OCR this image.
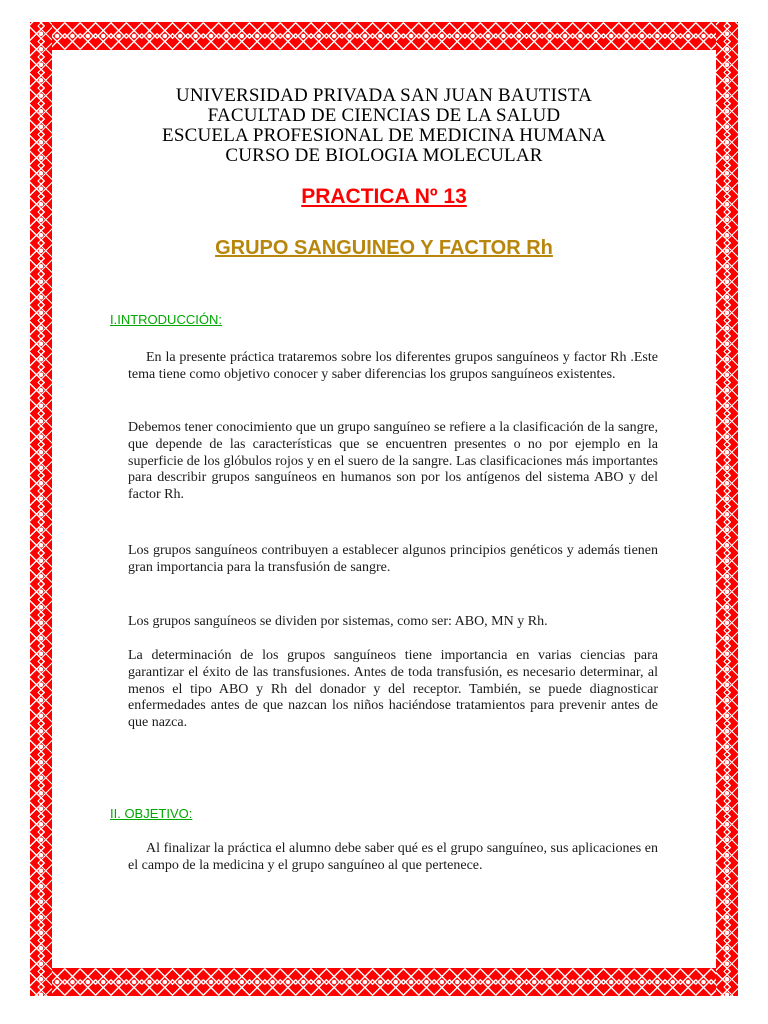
UNIVERSIDAD PRIVADA SAN JUAN BAUTISTA
FACULTAD DE CIENCIAS DE LA SALUD
ESCUELA PROFESIONAL DE MEDICINA HUMANA
CURSO DE BIOLOGIA MOLECULAR
PRACTICA Nº 13
GRUPO SANGUINEO Y FACTOR Rh
I.INTRODUCCIÓN:
En la presente práctica trataremos sobre los diferentes grupos sanguíneos y factor Rh .Este tema tiene como objetivo conocer y saber diferencias los grupos sanguíneos existentes.
Debemos tener conocimiento que un grupo sanguíneo se refiere a la clasificación de la sangre, que depende de las características que se encuentren presentes o no por ejemplo en la superficie de los glóbulos rojos y en el suero de la sangre. Las clasificaciones más importantes para describir grupos sanguíneos en humanos son por los antígenos del sistema ABO y del factor Rh.
Los grupos sanguíneos contribuyen a establecer algunos principios genéticos y además tienen gran importancia para la transfusión de sangre.
Los grupos sanguíneos se dividen por sistemas, como ser: ABO, MN y Rh.
La determinación de los grupos sanguíneos tiene importancia en varias ciencias para garantizar el éxito de las transfusiones. Antes de toda transfusión, es necesario determinar, al menos el tipo ABO y Rh del donador y del receptor. También, se puede diagnosticar enfermedades antes de que nazcan los niños haciéndose tratamientos para prevenir antes de que nazca.
II. OBJETIVO:
Al finalizar la práctica el alumno debe saber qué es el grupo sanguíneo, sus aplicaciones en el campo de la medicina y el grupo sanguíneo al que pertenece.
